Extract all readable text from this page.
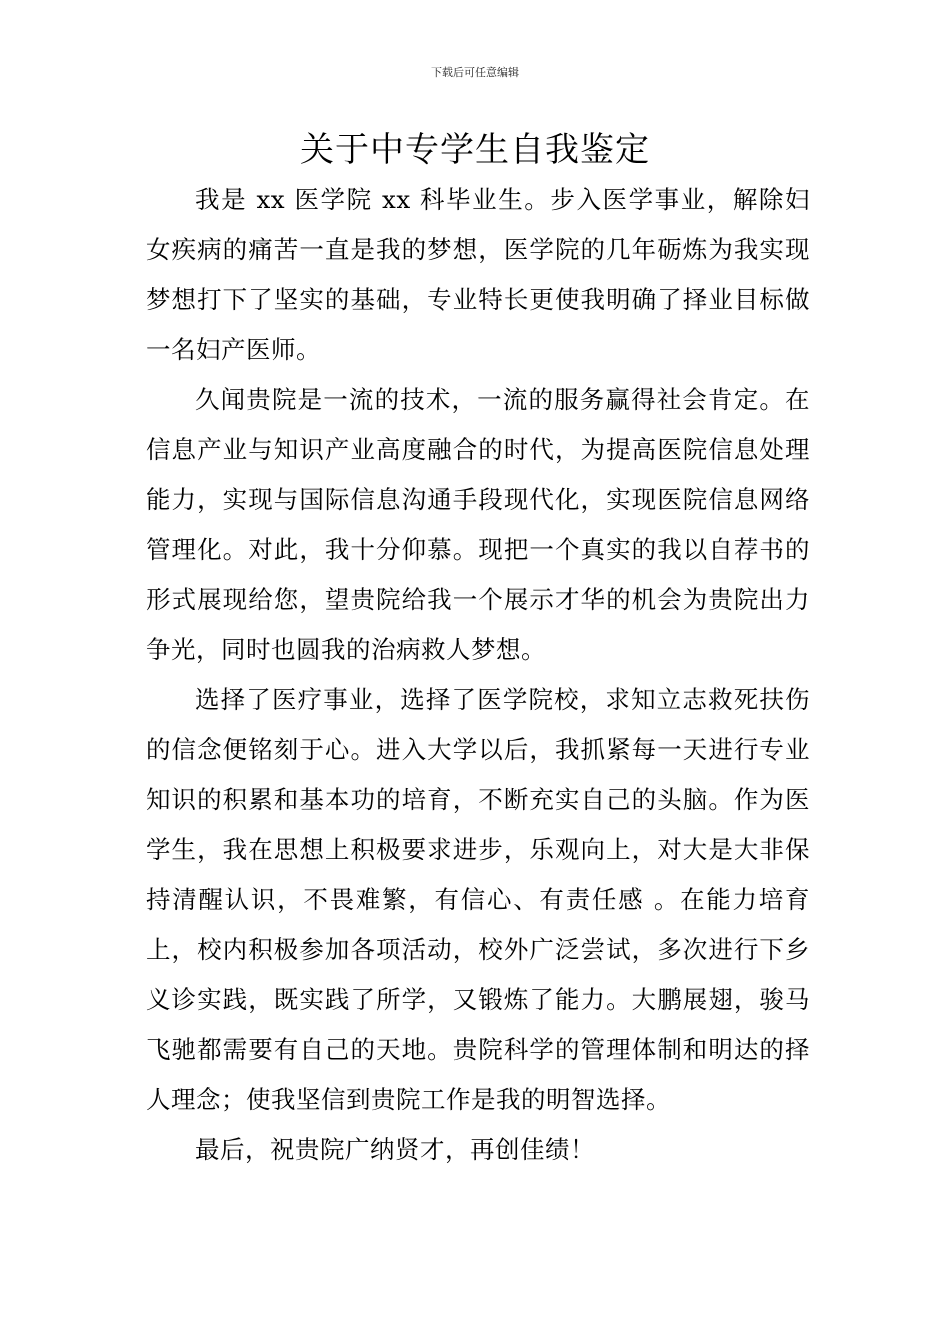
下载后可任意编辑
关于中专学生自我鉴定

我是 xx 医学院 xx 科毕业生。步入医学事业，解除妇女疾病的痛苦一直是我的梦想，医学院的几年砺炼为我实现梦想打下了坚实的基础，专业特长更使我明确了择业目标做一名妇产医师。

久闻贵院是一流的技术，一流的服务赢得社会肯定。在信息产业与知识产业高度融合的时代，为提高医院信息处理能力，实现与国际信息沟通手段现代化，实现医院信息网络管理化。对此，我十分仰慕。现把一个真实的我以自荐书的形式展现给您，望贵院给我一个展示才华的机会为贵院出力争光，同时也圆我的治病救人梦想。

选择了医疗事业，选择了医学院校，求知立志救死扶伤的信念便铭刻于心。进入大学以后，我抓紧每一天进行专业知识的积累和基本功的培育，不断充实自己的头脑。作为医学生，我在思想上积极要求进步，乐观向上，对大是大非保持清醒认识，不畏难繁，有信心、有责任感 。在能力培育上，校内积极参加各项活动，校外广泛尝试，多次进行下乡义诊实践，既实践了所学，又锻炼了能力。大鹏展翅，骏马飞驰都需要有自己的天地。贵院科学的管理体制和明达的择人理念；使我坚信到贵院工作是我的明智选择。

最后，祝贵院广纳贤才，再创佳绩！
